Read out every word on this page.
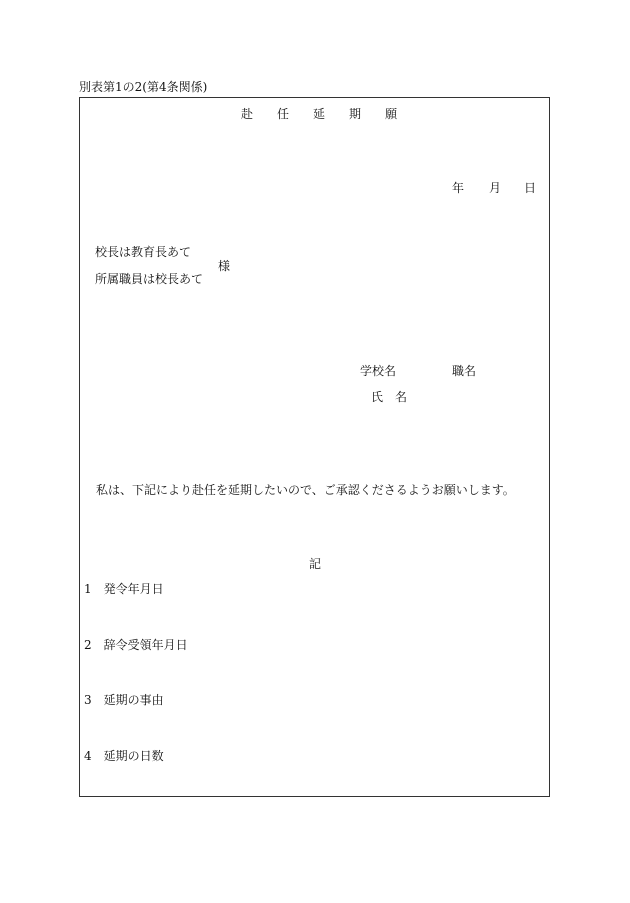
別表第1の2(第4条関係)
赴 任 延 期 願
年 月 日
校長は教育長あて
所属職員は校長あて
様
学校名	職名
氏　名
私は、下記により赴任を延期したいので、ご承認くださるようお願いします。
記
1 発令年月日
2 辞令受領年月日
3 延期の事由
4 延期の日数
